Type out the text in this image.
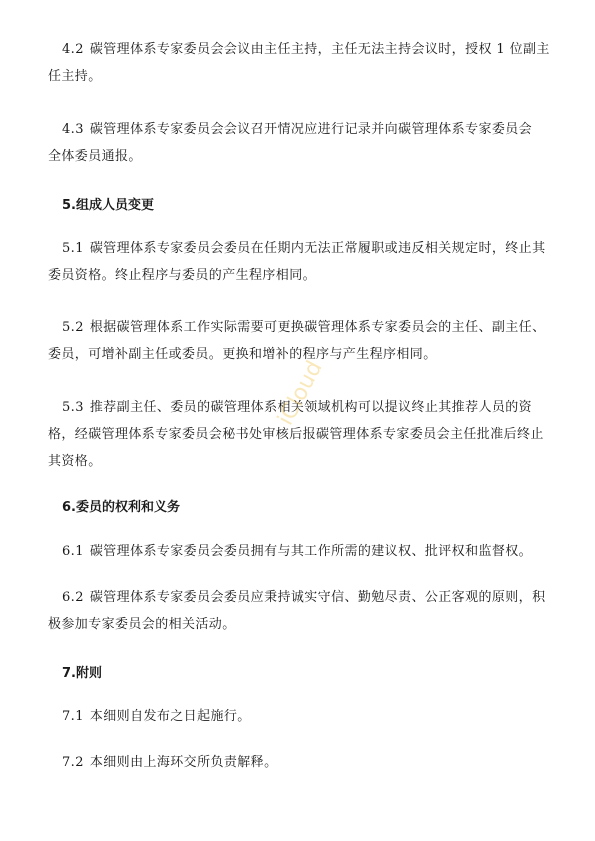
4.2 碳管理体系专家委员会会议由主任主持，主任无法主持会议时，授权 1 位副主
任主持。

4.3 碳管理体系专家委员会会议召开情况应进行记录并向碳管理体系专家委员会
全体委员通报。

5.组成人员变更

5.1 碳管理体系专家委员会委员在任期内无法正常履职或违反相关规定时，终止其
委员资格。终止程序与委员的产生程序相同。

5.2 根据碳管理体系工作实际需要可更换碳管理体系专家委员会的主任、副主任、
委员，可增补副主任或委员。更换和增补的程序与产生程序相同。

5.3 推荐副主任、委员的碳管理体系相关领域机构可以提议终止其推荐人员的资
格，经碳管理体系专家委员会秘书处审核后报碳管理体系专家委员会主任批准后终止
其资格。

6.委员的权利和义务

6.1 碳管理体系专家委员会委员拥有与其工作所需的建议权、批评权和监督权。

6.2 碳管理体系专家委员会委员应秉持诚实守信、勤勉尽责、公正客观的原则，积
极参加专家委员会的相关活动。

7.附则

7.1 本细则自发布之日起施行。

7.2 本细则由上海环交所负责解释。

iCloud
